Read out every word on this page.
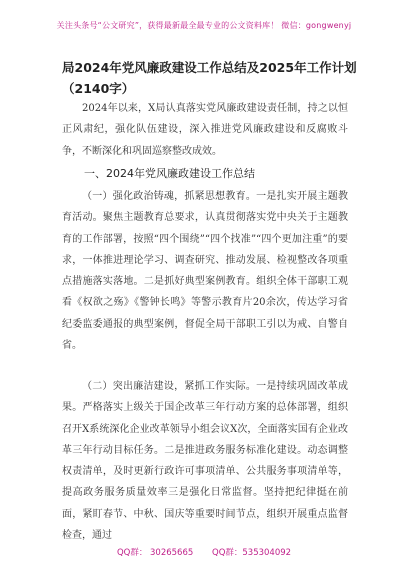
关注头条号“公文研究”，获得最新最全最专业的公文资料库！ 微信：gongwenyj
局2024年党风廉政建设工作总结及2025年工作计划（2140字）
2024年以来，X局认真落实党风廉政建设责任制，持之以恒正风肃纪，强化队伍建设，深入推进党风廉政建设和反腐败斗争，不断深化和巩固巡察整改成效。
一、2024年党风廉政建设工作总结
（一）强化政治铸魂，抓紧思想教育。一是扎实开展主题教育活动。聚焦主题教育总要求，认真贯彻落实党中央关于主题教育的工作部署，按照“四个围绕”“四个找准”“四个更加注重”的要求，一体推进理论学习、调查研究、推动发展、检视整改各项重点措施落实落地。二是抓好典型案例教育。组织全体干部职工观看《权欲之殇》《警钟长鸣》等警示教育片20余次，传达学习省纪委监委通报的典型案例，督促全局干部职工引以为戒、自警自省。
（二）突出廉洁建设，紧抓工作实际。一是持续巩固改革成果。严格落实上级关于国企改革三年行动方案的总体部署，组织召开X系统深化企业改革领导小组会议X次，全面落实国有企业改革三年行动目标任务。二是推进政务服务标准化建设。动态调整权责清单，及时更新行政许可事项清单、公共服务事项清单等，提高政务服务质量效率三是强化日常监督。坚持把纪律挺在前面，紧盯春节、中秋、国庆等重要时间节点，组织开展重点监督检查，通过
QQ群： 30265665 QQ群：535304092
